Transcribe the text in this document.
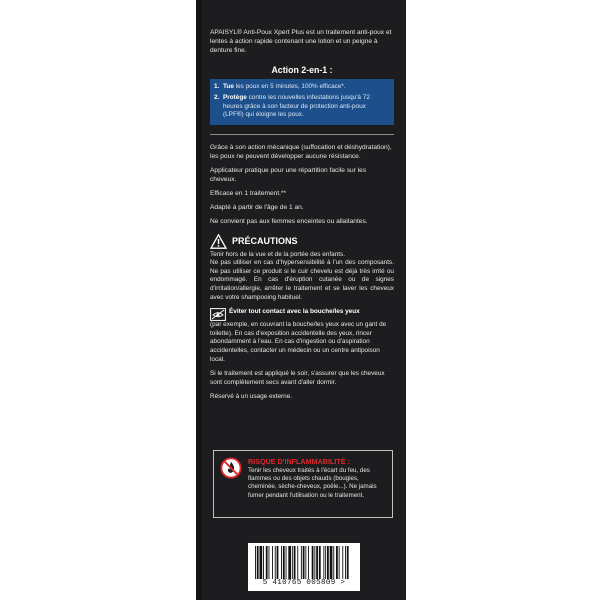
APAISYL® Anti-Poux Xpert Plus est un traitement anti-poux et lentes à action rapide contenant une lotion et un peigne à denture fine.

Action 2-en-1 :

1. Tue les poux en 5 minutes, 100% efficace*.
2. Protège contre les nouvelles infestations jusqu'à 72 heures grâce à son facteur de protection anti-poux (LPF®) qui éloigne les poux.

Grâce à son action mécanique (suffocation et déshydratation), les poux ne peuvent développer aucune résistance.

Applicateur pratique pour une répartition facile sur les cheveux.

Efficace en 1 traitement.**

Adapté à partir de l'âge de 1 an.

Ne convient pas aux femmes enceintes ou allaitantes.

PRÉCAUTIONS

Tenir hors de la vue et de la portée des enfants.

Ne pas utiliser en cas d'hypersensibilité à l'un des composants. Ne pas utiliser ce produit si le cuir chevelu est déjà très irrité ou endommagé. En cas d'éruption cutanée ou de signes d'irritation/allergie, arrêter le traitement et se laver les cheveux avec votre shampooing habituel.

Éviter tout contact avec la bouche/les yeux

(par exemple, en couvrant la bouche/les yeux avec un gant de toilette). En cas d'exposition accidentelle des yeux, rincer abondamment à l'eau. En cas d'ingestion ou d'aspiration accidentelles, contacter un médecin ou un centre antipoison local.

Si le traitement est appliqué le soir, s'assurer que les cheveux sont complètement secs avant d'aller dormir.

Réservé à un usage externe.

RISQUE D'INFLAMMABILITÉ :

Tenir les cheveux traités à l'écart du feu, des flammes ou des objets chauds (bougies, cheminée, sèche-cheveux, poêle...). Ne jamais fumer pendant l'utilisation ou le traitement.

5 410765 005809 >
